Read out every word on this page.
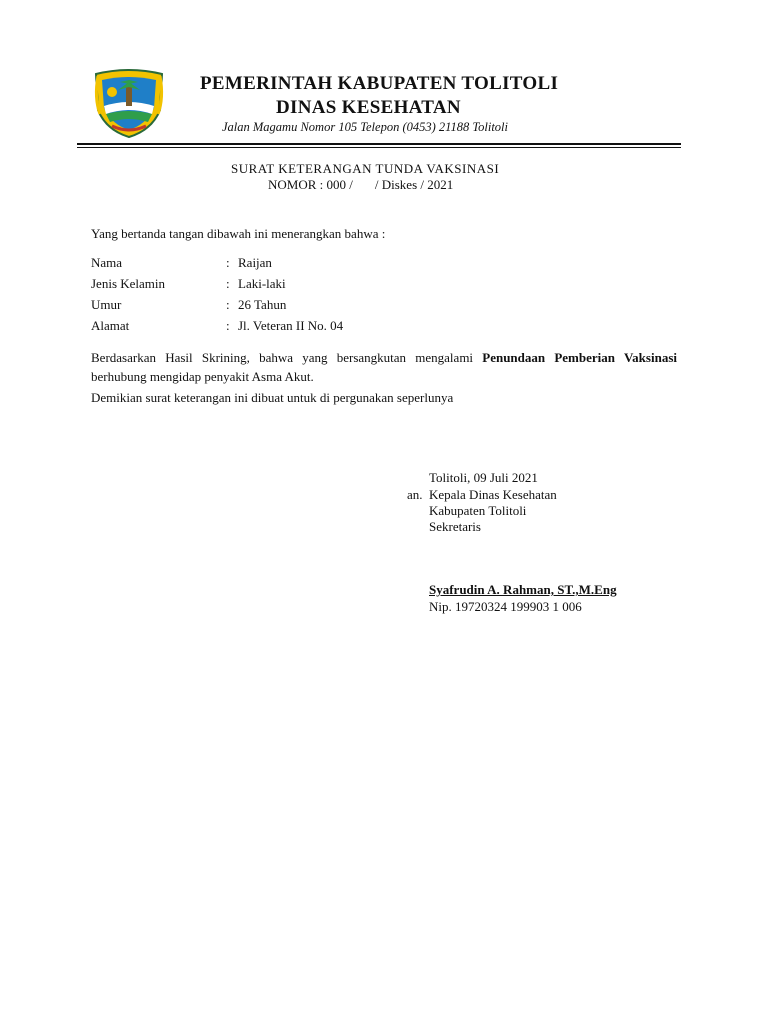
PEMERINTAH KABUPATEN TOLITOLI
DINAS KESEHATAN
Jalan Magamu Nomor 105 Telepon (0453) 21188 Tolitoli
SURAT KETERANGAN TUNDA VAKSINASI
NOMOR : 000 / / Diskes / 2021
Yang bertanda tangan dibawah ini menerangkan bahwa :
Nama	: Raijan
Jenis Kelamin	: Laki-laki
Umur	: 26 Tahun
Alamat	: Jl. Veteran II No. 04
Berdasarkan Hasil Skrining, bahwa yang bersangkutan mengalami Penundaan Pemberian Vaksinasi berhubung mengidap penyakit Asma Akut.
Demikian surat keterangan ini dibuat untuk di pergunakan seperlunya
Tolitoli, 09 Juli 2021
an. Kepala Dinas Kesehatan
Kabupaten Tolitoli
Sekretaris
Syafrudin A. Rahman, ST.,M.Eng
Nip. 19720324 199903 1 006
